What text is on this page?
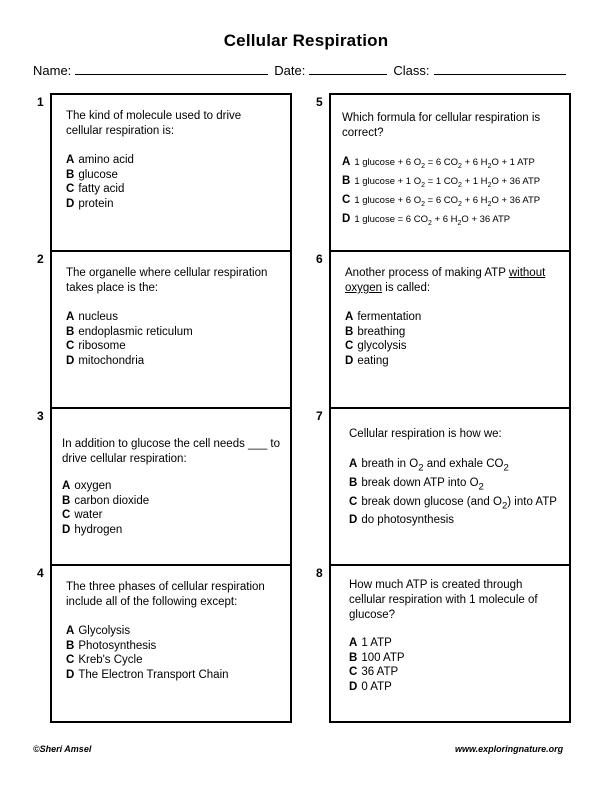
Cellular Respiration
Name:	Date:	Class:
1
The kind of molecule used to drive cellular respiration is:
A amino acid
B glucose
C fatty acid
D protein
2
The organelle where cellular respiration takes place is the:
A nucleus
B endoplasmic reticulum
C ribosome
D mitochondria
3
In addition to glucose the cell needs ___ to drive cellular respiration:
A oxygen
B carbon dioxide
C water
D hydrogen
4
The three phases of cellular respiration include all of the following except:
A Glycolysis
B Photosynthesis
C Kreb's Cycle
D The Electron Transport Chain
5
Which formula for cellular respiration is correct?
A 1 glucose + 6 $O_2 = 6$ $CO_2 + 6$ $H_2O + 1$ ATP
B 1 glucose + 1 $O_2 = 1$ $CO_2 + 1$ $H_2O + 36$ ATP
C 1 glucose + 6 $O_2 = 6$ $CO_2 + 6$ $H_2O + 36$ ATP
D 1 glucose = 6 $CO_2 + 6$ $H_2O + 36$ ATP
6
Another process of making ATP without oxygen is called:
A fermentation
B breathing
C glycolysis
D eating
7
Cellular respiration is how we:
A breath in $O_2$ and exhale $CO_2$
B break down ATP into $O_2$
C break down glucose (and $O_2$) into ATP
D do photosynthesis
8
How much ATP is created through cellular respiration with 1 molecule of glucose?
A 1 ATP
B 100 ATP
C 36 ATP
D 0 ATP
©Sheri Amsel	www.exploringnature.org
